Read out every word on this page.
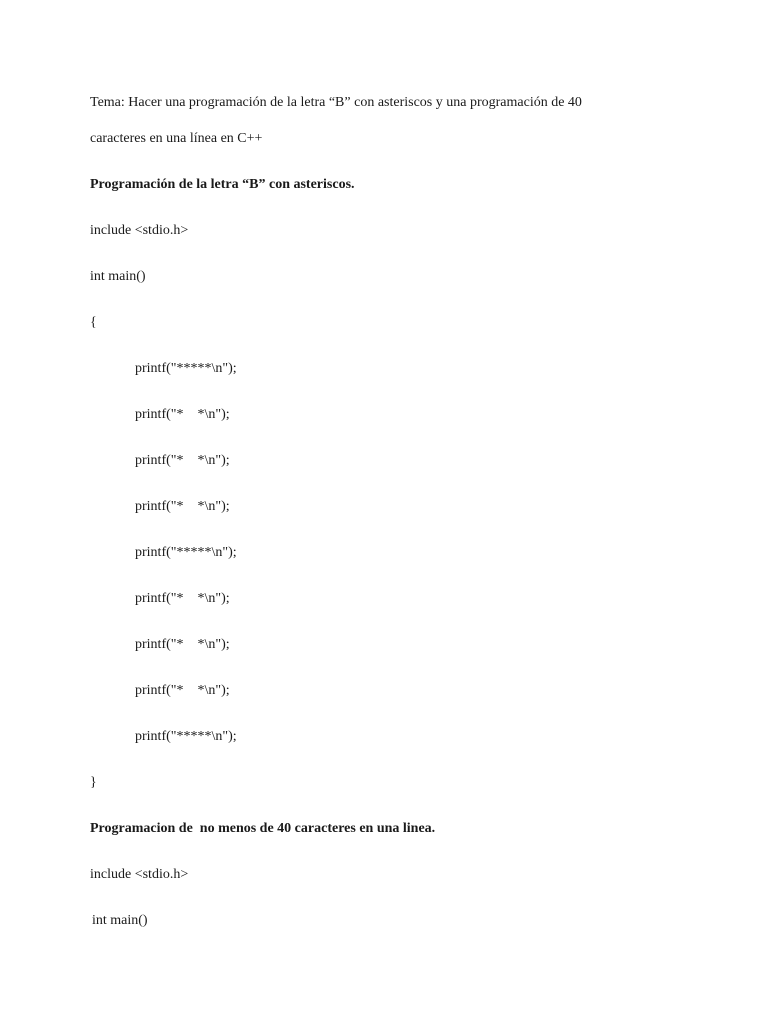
Tema: Hacer una programación de la letra “B” con asteriscos y una programación de 40
caracteres en una línea en C++
Programación de la letra “B” con asteriscos.
include <stdio.h>
int main()
{
printf("*****\n");
printf("*    *\n");
printf("*    *\n");
printf("*    *\n");
printf("*****\n");
printf("*    *\n");
printf("*    *\n");
printf("*    *\n");
printf("*****\n");
}
Programacion de  no menos de 40 caracteres en una linea.
include <stdio.h>
int main()
